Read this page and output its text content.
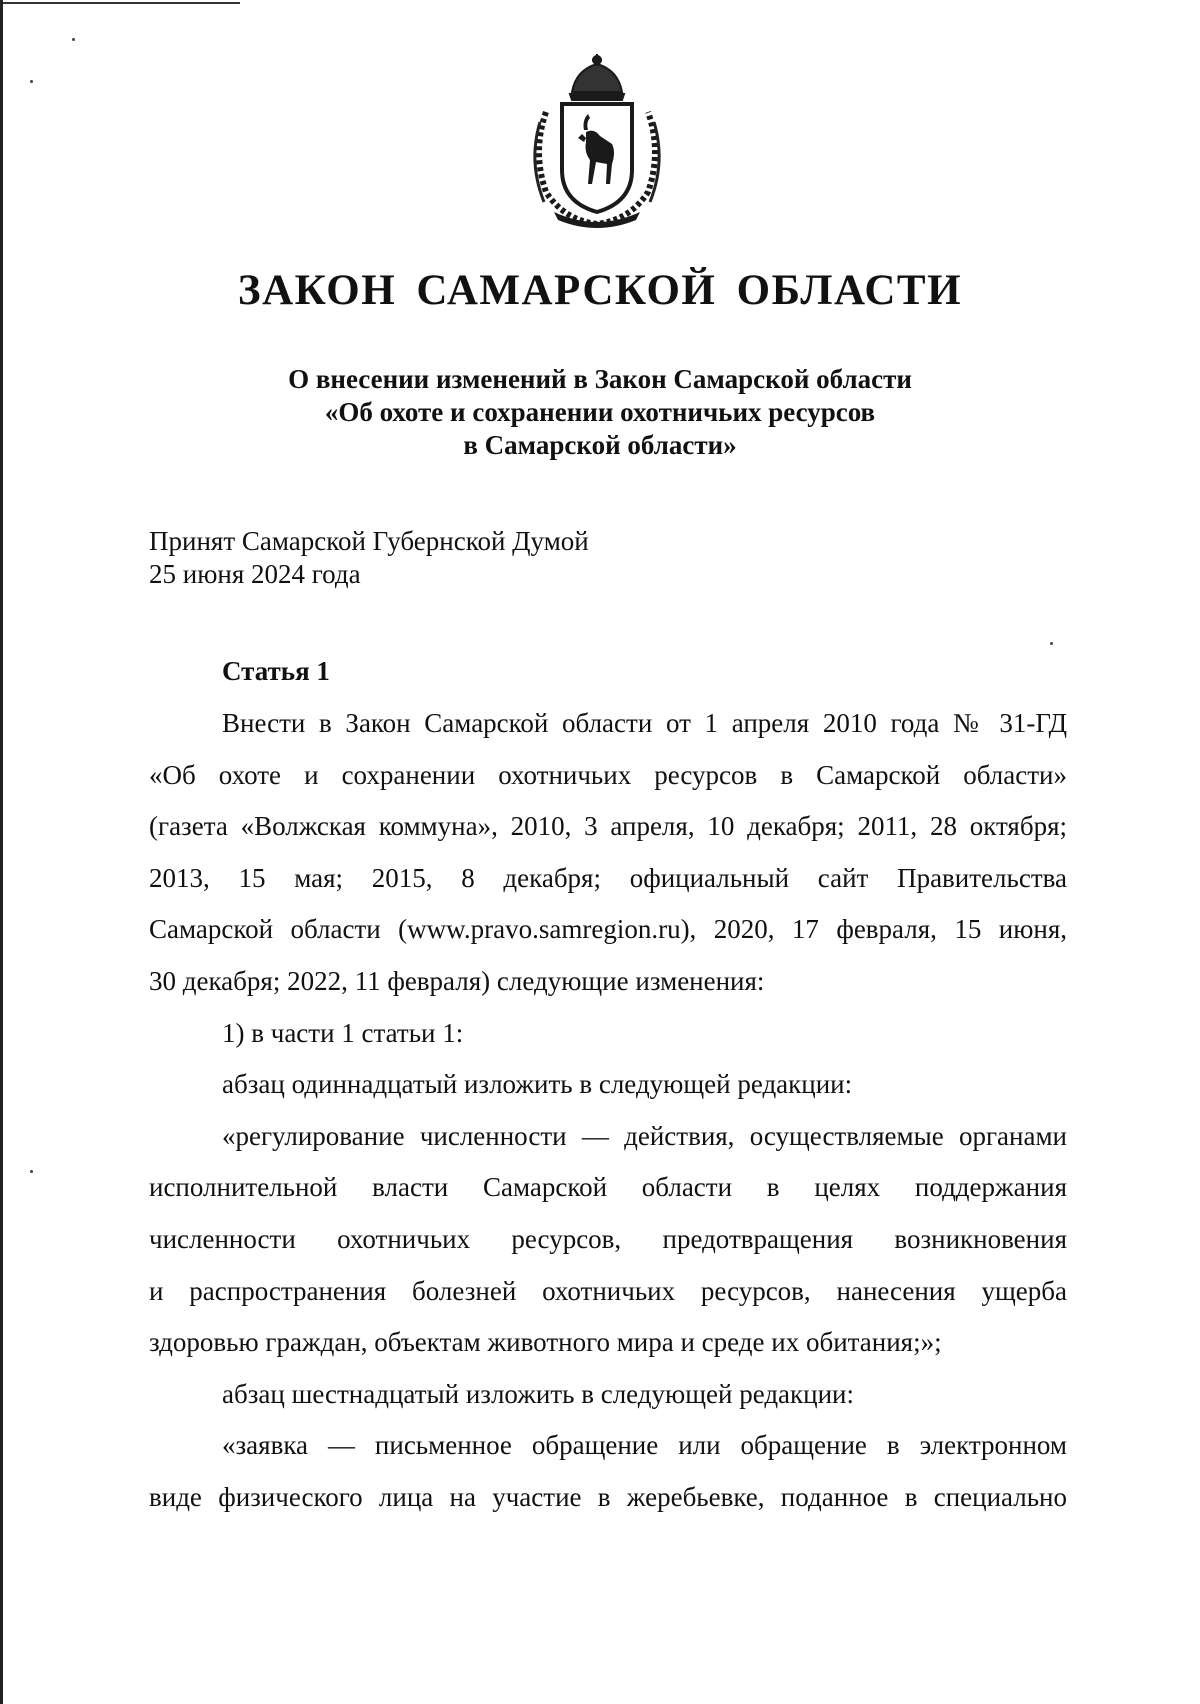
ЗАКОН САМАРСКОЙ ОБЛАСТИ
О внесении изменений в Закон Самарской области
«Об охоте и сохранении охотничьих ресурсов
в Самарской области»
Принят Самарской Губернской Думой
25 июня 2024 года
Статья 1
Внести в Закон Самарской области от 1 апреля 2010 года № 31-ГД
«Об охоте и сохранении охотничьих ресурсов в Самарской области»
(газета «Волжская коммуна», 2010, 3 апреля, 10 декабря; 2011, 28 октября;
2013, 15 мая; 2015, 8 декабря; официальный сайт Правительства
Самарской области (www.pravo.samregion.ru), 2020, 17 февраля, 15 июня,
30 декабря; 2022, 11 февраля) следующие изменения:
1) в части 1 статьи 1:
абзац одиннадцатый изложить в следующей редакции:
«регулирование численности — действия, осуществляемые органами
исполнительной власти Самарской области в целях поддержания
численности охотничьих ресурсов, предотвращения возникновения
и распространения болезней охотничьих ресурсов, нанесения ущерба
здоровью граждан, объектам животного мира и среде их обитания;»;
абзац шестнадцатый изложить в следующей редакции:
«заявка — письменное обращение или обращение в электронном
виде физического лица на участие в жеребьевке, поданное в специально
